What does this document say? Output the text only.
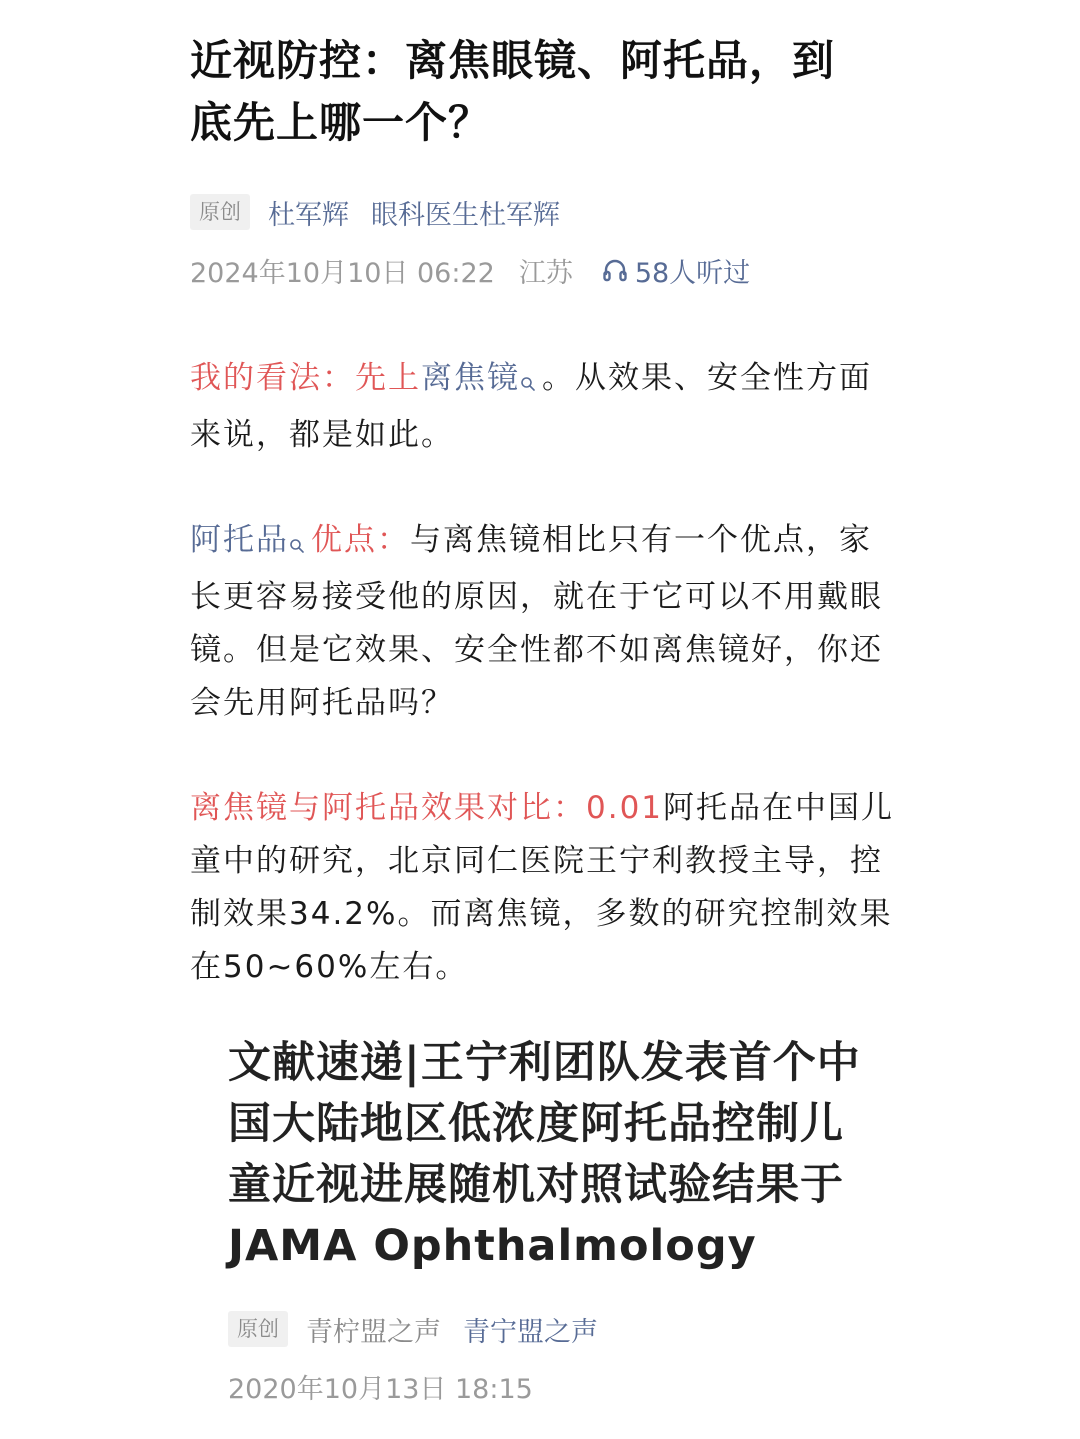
近视防控：离焦眼镜、阿托品，到
底先上哪一个？
原创	杜军辉 眼科医生杜军辉
2024年10月10日 06:22 江苏 58人听过

我的看法：先上离焦镜 。从效果、安全性方面来说，都是如此。

阿托品 优点：与离焦镜相比只有一个优点，家长更容易接受他的原因，就在于它可以不用戴眼镜。但是它效果、安全性都不如离焦镜好，你还会先用阿托品吗？

离焦镜与阿托品效果对比：0.01阿托品在中国儿童中的研究，北京同仁医院王宁利教授主导，控制效果34.2%。而离焦镜，多数的研究控制效果在50~60%左右。

文献速递|王宁利团队发表首个中国大陆地区低浓度阿托品控制儿童近视进展随机对照试验结果于JAMA Ophthalmology
原创	青柠盟之声 青宁盟之声
2020年10月13日 18:15
